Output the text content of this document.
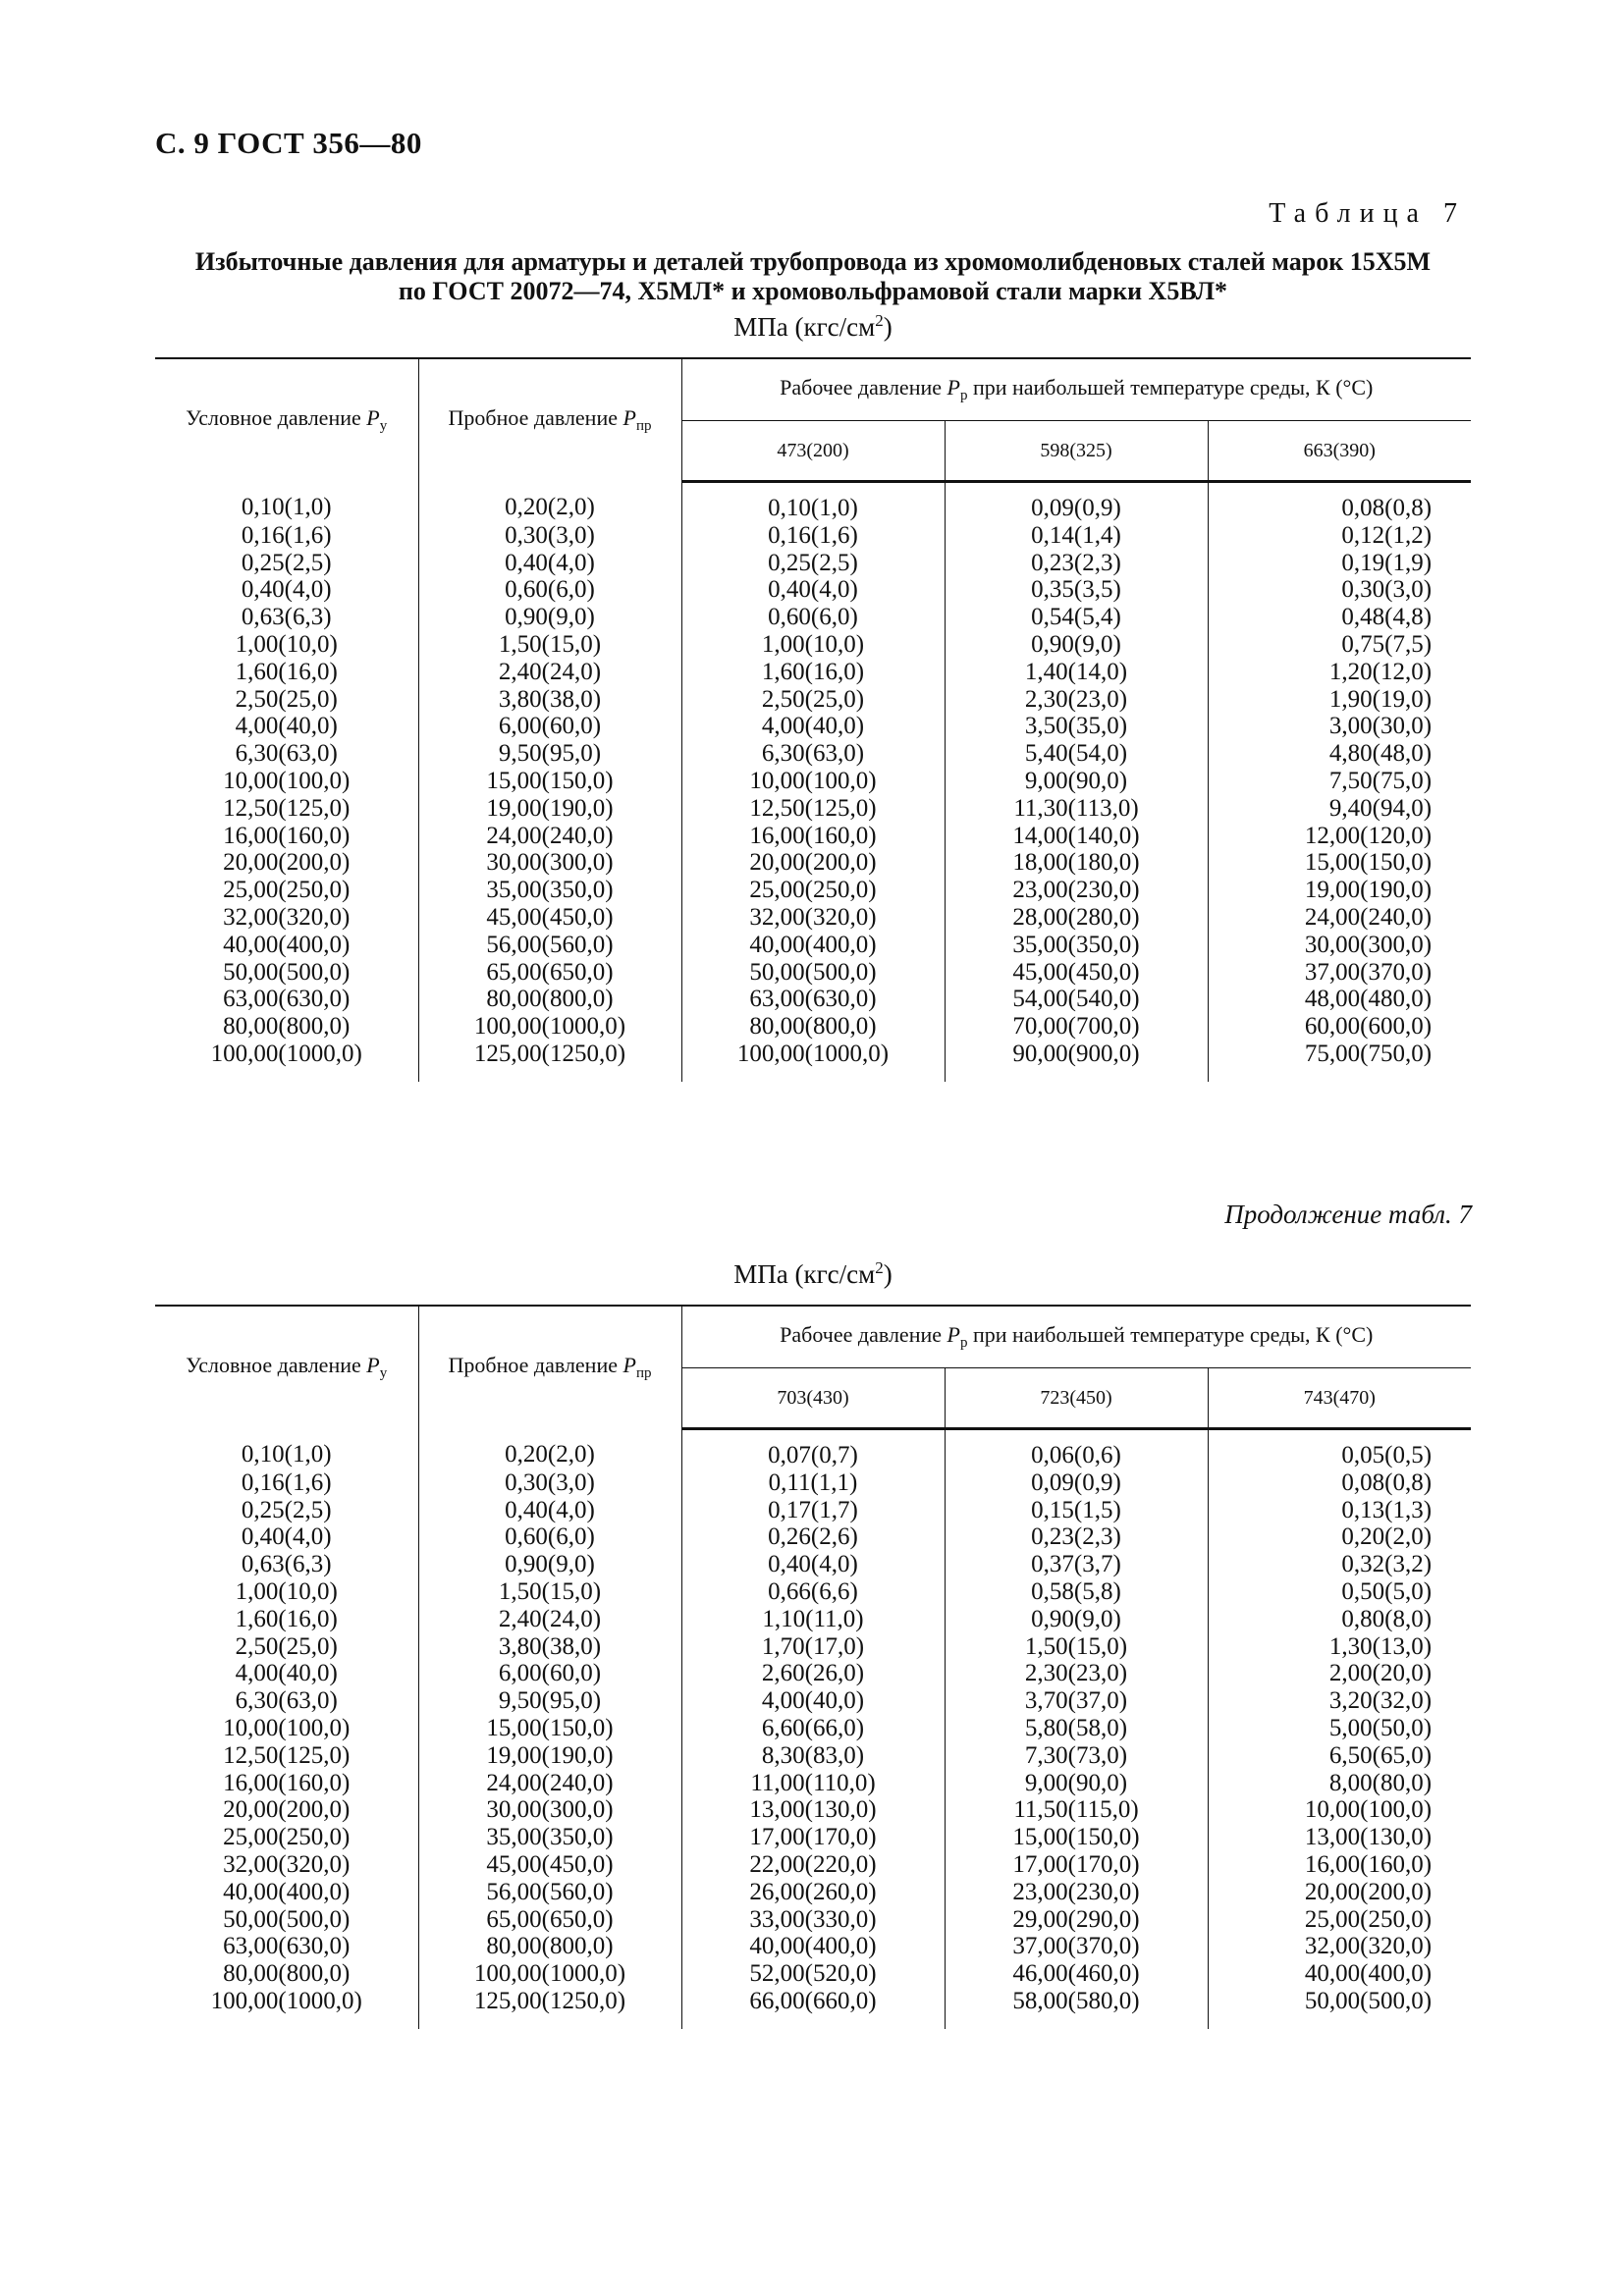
С. 9 ГОСТ 356—80
Таблица 7
Избыточные давления для арматуры и деталей трубопровода из хромомолибденовых сталей марок 15Х5М
по ГОСТ 20072—74, Х5МЛ* и хромовольфрамовой стали марки Х5ВЛ*
МПа $(кгс/см^2)$
Условное давление $P_у$	Пробное давление $P_{пр}$	Рабочее давление $P_р$ при наибольшей температуре среды, К (°С)		
		473(200)	598(325)	663(390)
0,10(1,0)	0,20(2,0)	0,10(1,0)	0,09(0,9)	0,08(0,8)
0,16(1,6)	0,30(3,0)	0,16(1,6)	0,14(1,4)	0,12(1,2)
0,25(2,5)	0,40(4,0)	0,25(2,5)	0,23(2,3)	0,19(1,9)
0,40(4,0)	0,60(6,0)	0,40(4,0)	0,35(3,5)	0,30(3,0)
0,63(6,3)	0,90(9,0)	0,60(6,0)	0,54(5,4)	0,48(4,8)
1,00(10,0)	1,50(15,0)	1,00(10,0)	0,90(9,0)	0,75(7,5)
1,60(16,0)	2,40(24,0)	1,60(16,0)	1,40(14,0)	1,20(12,0)
2,50(25,0)	3,80(38,0)	2,50(25,0)	2,30(23,0)	1,90(19,0)
4,00(40,0)	6,00(60,0)	4,00(40,0)	3,50(35,0)	3,00(30,0)
6,30(63,0)	9,50(95,0)	6,30(63,0)	5,40(54,0)	4,80(48,0)
10,00(100,0)	15,00(150,0)	10,00(100,0)	9,00(90,0)	7,50(75,0)
12,50(125,0)	19,00(190,0)	12,50(125,0)	11,30(113,0)	9,40(94,0)
16,00(160,0)	24,00(240,0)	16,00(160,0)	14,00(140,0)	12,00(120,0)
20,00(200,0)	30,00(300,0)	20,00(200,0)	18,00(180,0)	15,00(150,0)
25,00(250,0)	35,00(350,0)	25,00(250,0)	23,00(230,0)	19,00(190,0)
32,00(320,0)	45,00(450,0)	32,00(320,0)	28,00(280,0)	24,00(240,0)
40,00(400,0)	56,00(560,0)	40,00(400,0)	35,00(350,0)	30,00(300,0)
50,00(500,0)	65,00(650,0)	50,00(500,0)	45,00(450,0)	37,00(370,0)
63,00(630,0)	80,00(800,0)	63,00(630,0)	54,00(540,0)	48,00(480,0)
80,00(800,0)	100,00(1000,0)	80,00(800,0)	70,00(700,0)	60,00(600,0)
100,00(1000,0)	125,00(1250,0)	100,00(1000,0)	90,00(900,0)	75,00(750,0)
Продолжение табл. 7
МПа $(кгс/см^2)$
Условное давление $P_у$	Пробное давление $P_{пр}$	Рабочее давление $P_р$ при наибольшей температуре среды, К (°С)		
		703(430)	723(450)	743(470)
0,10(1,0)	0,20(2,0)	0,07(0,7)	0,06(0,6)	0,05(0,5)
0,16(1,6)	0,30(3,0)	0,11(1,1)	0,09(0,9)	0,08(0,8)
0,25(2,5)	0,40(4,0)	0,17(1,7)	0,15(1,5)	0,13(1,3)
0,40(4,0)	0,60(6,0)	0,26(2,6)	0,23(2,3)	0,20(2,0)
0,63(6,3)	0,90(9,0)	0,40(4,0)	0,37(3,7)	0,32(3,2)
1,00(10,0)	1,50(15,0)	0,66(6,6)	0,58(5,8)	0,50(5,0)
1,60(16,0)	2,40(24,0)	1,10(11,0)	0,90(9,0)	0,80(8,0)
2,50(25,0)	3,80(38,0)	1,70(17,0)	1,50(15,0)	1,30(13,0)
4,00(40,0)	6,00(60,0)	2,60(26,0)	2,30(23,0)	2,00(20,0)
6,30(63,0)	9,50(95,0)	4,00(40,0)	3,70(37,0)	3,20(32,0)
10,00(100,0)	15,00(150,0)	6,60(66,0)	5,80(58,0)	5,00(50,0)
12,50(125,0)	19,00(190,0)	8,30(83,0)	7,30(73,0)	6,50(65,0)
16,00(160,0)	24,00(240,0)	11,00(110,0)	9,00(90,0)	8,00(80,0)
20,00(200,0)	30,00(300,0)	13,00(130,0)	11,50(115,0)	10,00(100,0)
25,00(250,0)	35,00(350,0)	17,00(170,0)	15,00(150,0)	13,00(130,0)
32,00(320,0)	45,00(450,0)	22,00(220,0)	17,00(170,0)	16,00(160,0)
40,00(400,0)	56,00(560,0)	26,00(260,0)	23,00(230,0)	20,00(200,0)
50,00(500,0)	65,00(650,0)	33,00(330,0)	29,00(290,0)	25,00(250,0)
63,00(630,0)	80,00(800,0)	40,00(400,0)	37,00(370,0)	32,00(320,0)
80,00(800,0)	100,00(1000,0)	52,00(520,0)	46,00(460,0)	40,00(400,0)
100,00(1000,0)	125,00(1250,0)	66,00(660,0)	58,00(580,0)	50,00(500,0)
